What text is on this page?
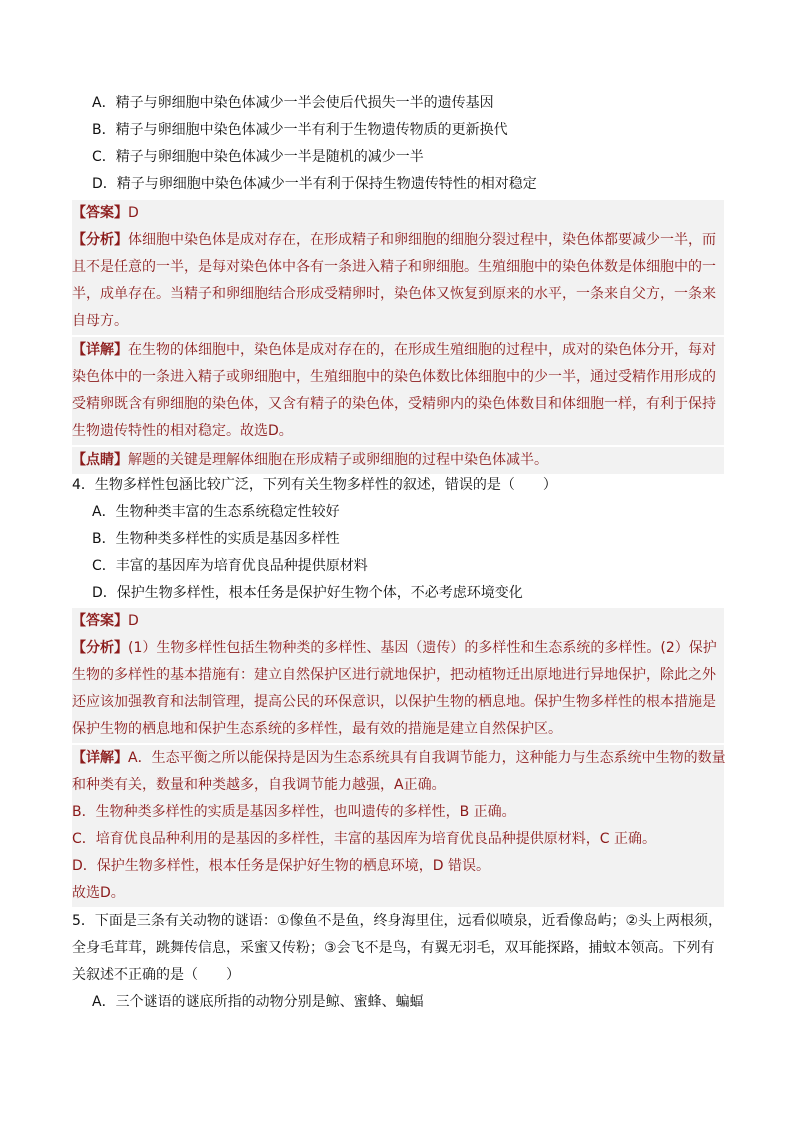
A．精子与卵细胞中染色体减少一半会使后代损失一半的遗传基因
B．精子与卵细胞中染色体减少一半有利于生物遗传物质的更新换代
C．精子与卵细胞中染色体减少一半是随机的减少一半
D．精子与卵细胞中染色体减少一半有利于保持生物遗传特性的相对稳定
【答案】D
【分析】体细胞中染色体是成对存在，在形成精子和卵细胞的细胞分裂过程中，染色体都要减少一半，而
且不是任意的一半，是每对染色体中各有一条进入精子和卵细胞。生殖细胞中的染色体数是体细胞中的一
半，成单存在。当精子和卵细胞结合形成受精卵时，染色体又恢复到原来的水平，一条来自父方，一条来
自母方。
【详解】在生物的体细胞中，染色体是成对存在的，在形成生殖细胞的过程中，成对的染色体分开，每对
染色体中的一条进入精子或卵细胞中，生殖细胞中的染色体数比体细胞中的少一半，通过受精作用形成的
受精卵既含有卵细胞的染色体，又含有精子的染色体，受精卵内的染色体数目和体细胞一样，有利于保持
生物遗传特性的相对稳定。故选D。
【点睛】解题的关键是理解体细胞在形成精子或卵细胞的过程中染色体减半。
4．生物多样性包涵比较广泛，下列有关生物多样性的叙述，错误的是（　　）
A．生物种类丰富的生态系统稳定性较好
B．生物种类多样性的实质是基因多样性
C．丰富的基因库为培育优良品种提供原材料
D．保护生物多样性，根本任务是保护好生物个体，不必考虑环境变化
【答案】D
【分析】(1）生物多样性包括生物种类的多样性、基因（遗传）的多样性和生态系统的多样性。(2）保护
生物的多样性的基本措施有：建立自然保护区进行就地保护，把动植物迁出原地进行异地保护，除此之外
还应该加强教育和法制管理，提高公民的环保意识，以保护生物的栖息地。保护生物多样性的根本措施是
保护生物的栖息地和保护生态系统的多样性，最有效的措施是建立自然保护区。
【详解】A．生态平衡之所以能保持是因为生态系统具有自我调节能力，这种能力与生态系统中生物的数量
和种类有关，数量和种类越多，自我调节能力越强，A正确。
B．生物种类多样性的实质是基因多样性，也叫遗传的多样性，B 正确。
C．培育优良品种利用的是基因的多样性，丰富的基因库为培育优良品种提供原材料，C 正确。
D．保护生物多样性，根本任务是保护好生物的栖息环境，D 错误。
故选D。
5．下面是三条有关动物的谜语：①像鱼不是鱼，终身海里住，远看似喷泉，近看像岛屿；②头上两根须，
全身毛茸茸，跳舞传信息，采蜜又传粉；③会飞不是鸟，有翼无羽毛，双耳能探路，捕蚊本领高。下列有
关叙述不正确的是（　　）
A．三个谜语的谜底所指的动物分别是鲸、蜜蜂、蝙蝠
